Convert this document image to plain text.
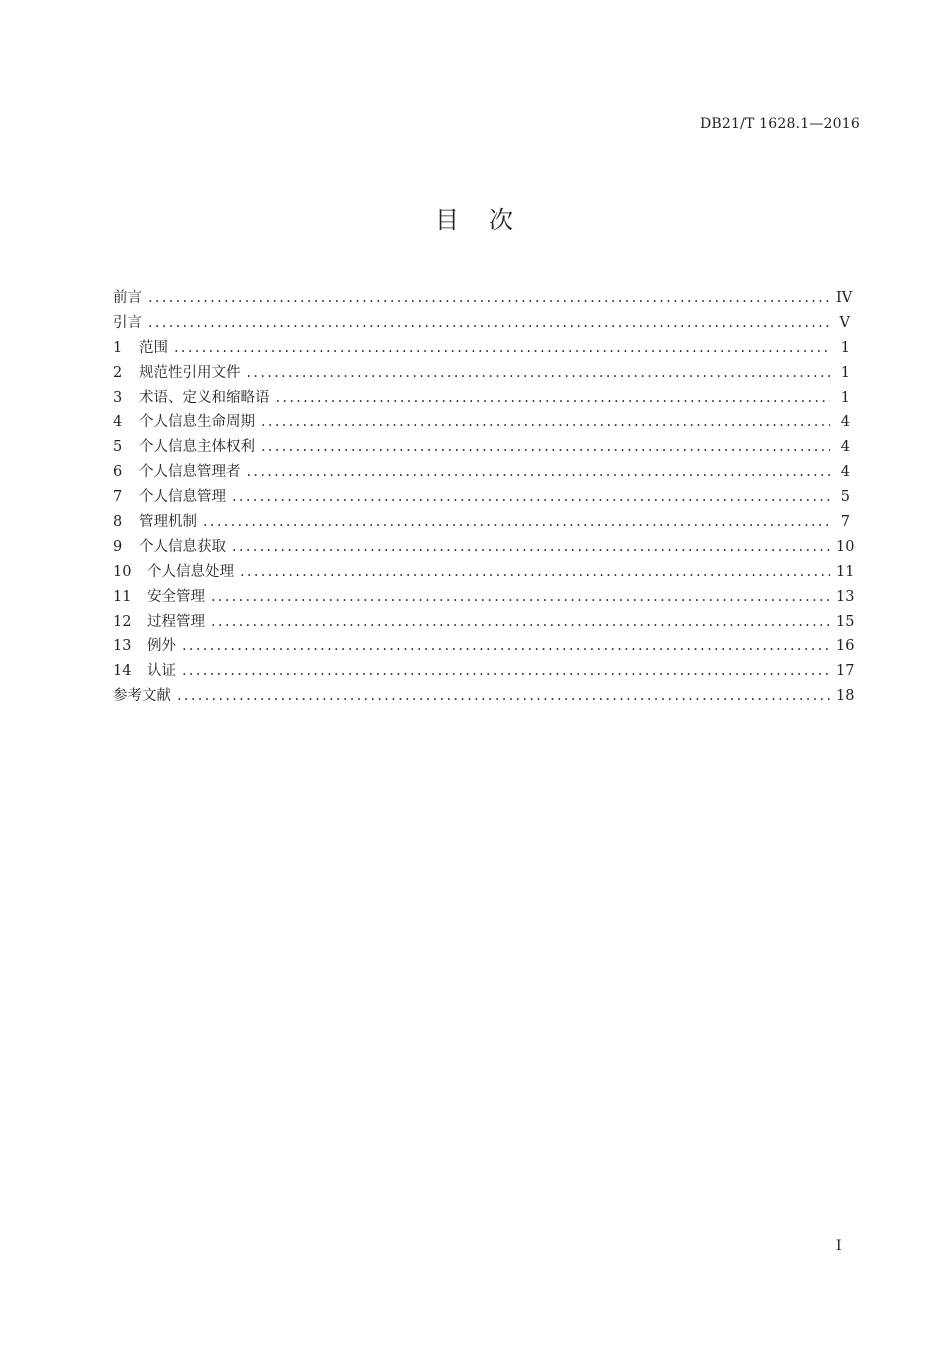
DB21/T 1628.1—2016
目  次
前言 .....	IV
引言 .....	V
1	范围 .....	1
2	规范性引用文件 .....	1
3	术语、定义和缩略语 .....	1
4	个人信息生命周期 .....	4
5	个人信息主体权利 .....	4
6	个人信息管理者 .....	4
7	个人信息管理 .....	5
8	管理机制 .....	7
9	个人信息获取 .....	10
10	个人信息处理 .....	11
11	安全管理 .....	13
12	过程管理 .....	15
13	例外 .....	16
14	认证 .....	17
参考文献 .....	18
I
